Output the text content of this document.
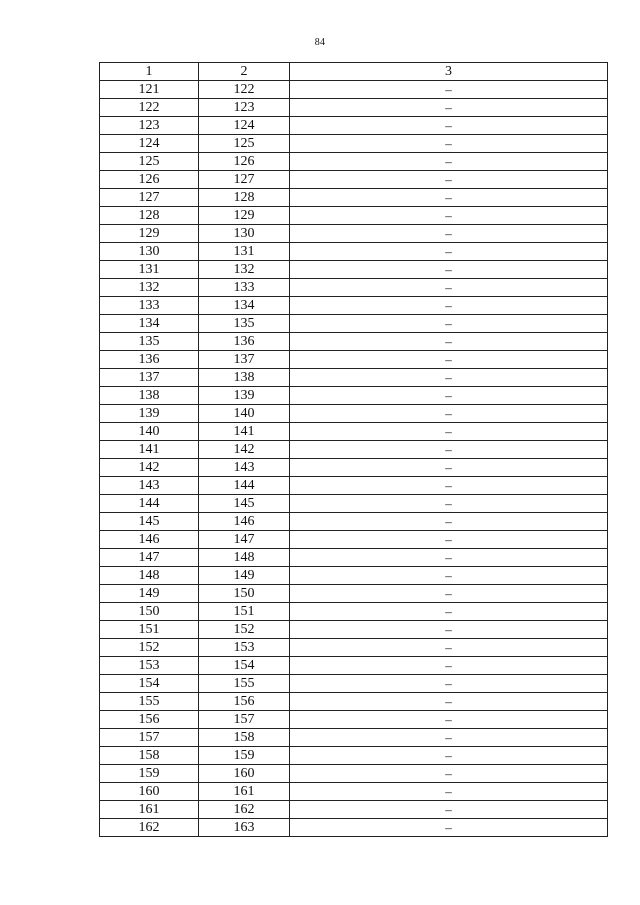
84
1	2	3
121	122	–
122	123	–
123	124	–
124	125	–
125	126	–
126	127	–
127	128	–
128	129	–
129	130	–
130	131	–
131	132	–
132	133	–
133	134	–
134	135	–
135	136	–
136	137	–
137	138	–
138	139	–
139	140	–
140	141	–
141	142	–
142	143	–
143	144	–
144	145	–
145	146	–
146	147	–
147	148	–
148	149	–
149	150	–
150	151	–
151	152	–
152	153	–
153	154	–
154	155	–
155	156	–
156	157	–
157	158	–
158	159	–
159	160	–
160	161	–
161	162	–
162	163	–
